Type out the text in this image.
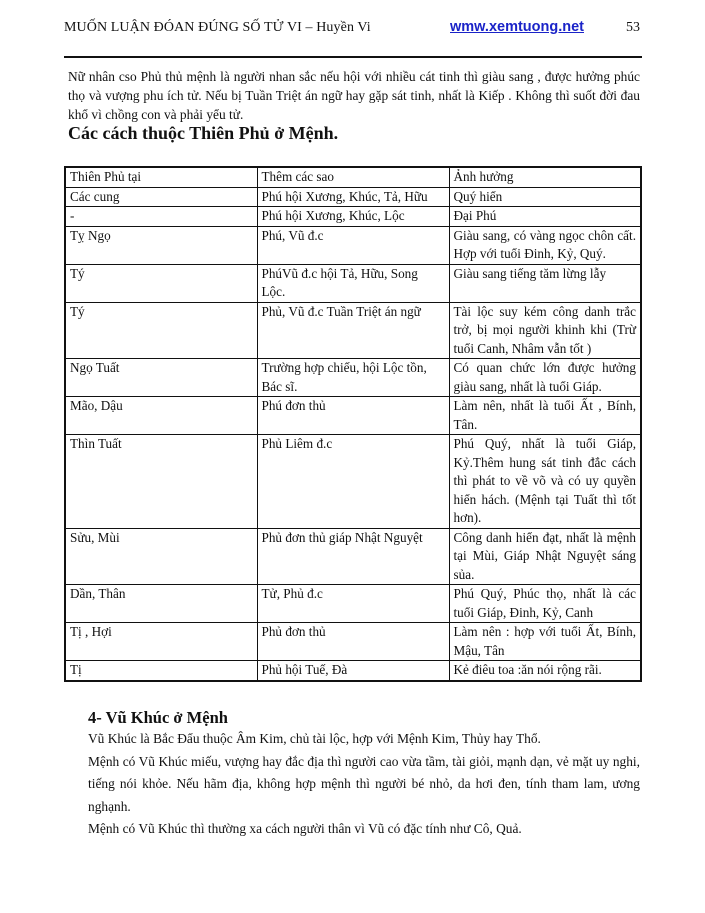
MUỐN LUẬN ĐÓAN ĐÚNG SỐ TỬ VI – Huyền Vi	wmw.xemtuong.net	53
Nữ nhân cso Phủ thủ mệnh là người nhan sắc nếu hội với nhiều cát tinh thì giàu sang , được hưởng phúc thọ và vượng phu ích tử. Nếu bị Tuần Triệt án ngữ hay gặp sát tinh, nhất là Kiếp . Không thì suốt đời đau khổ vì chồng con và phải yểu tử.
Các cách thuộc Thiên Phủ ở Mệnh.
Thiên Phủ tại	Thêm các sao	Ảnh hưởng
Các cung	Phú hội Xương, Khúc, Tả, Hữu	Quý hiển
-	Phú hội Xương, Khúc, Lộc	Đại Phú
Tỵ Ngọ	Phú, Vũ đ.c	Giàu sang, có vàng ngọc chôn cất. Hợp với tuổi Đinh, Kỷ, Quý.
Tý	PhúVũ đ.c hội Tả, Hữu, Song Lộc.	Giàu sang tiếng tăm lừng lẫy
Tý	Phủ, Vũ đ.c Tuần Triệt án ngữ	Tài lộc suy kém công danh trắc trở, bị mọi người khinh khi (Trừ tuổi Canh, Nhâm vẫn tốt )
Ngọ Tuất	Trường hợp chiếu, hội Lộc tồn, Bác sĩ.	Có quan chức lớn được hưởng giàu sang, nhất là tuổi Giáp.
Mão, Dậu	Phú đơn thủ	Làm nên, nhất là tuổi Ất , Bính, Tân.
Thìn Tuất	Phủ Liêm đ.c	Phú Quý, nhất là tuổi Giáp, Kỷ.Thêm hung sát tinh đắc cách thì phát to về võ và có uy quyền hiển hách. (Mệnh tại Tuất thì tốt hơn).
Sửu, Mùi	Phủ đơn thủ giáp Nhật Nguyệt	Công danh hiển đạt, nhất là mệnh tại Mùi, Giáp Nhật Nguyệt sáng sủa.
Dần, Thân	Tử, Phủ đ.c	Phú Quý, Phúc thọ, nhất là các tuổi Giáp, Đinh, Kỷ, Canh
Tị , Hợi	Phủ đơn thủ	Làm nên : hợp với tuổi Ất, Bính, Mậu, Tân
Tị	Phủ hội Tuế, Đà	Kẻ điêu toa :ăn nói rộng rãi.
4- Vũ Khúc ở Mệnh

Vũ Khúc là Bắc Đẩu thuộc Âm Kim, chủ tài lộc, hợp với Mệnh Kim, Thủy hay Thổ.

Mệnh có Vũ Khúc miếu, vượng hay đắc địa thì người cao vừa tầm, tài giỏi, mạnh dạn, vẻ mặt uy nghi, tiếng nói khỏe. Nếu hãm địa, không hợp mệnh thì người bé nhỏ, da hơi đen, tính tham lam, ương nghạnh.

Mệnh có Vũ Khúc thì thường xa cách người thân vì Vũ có đặc tính như Cô, Quả.
